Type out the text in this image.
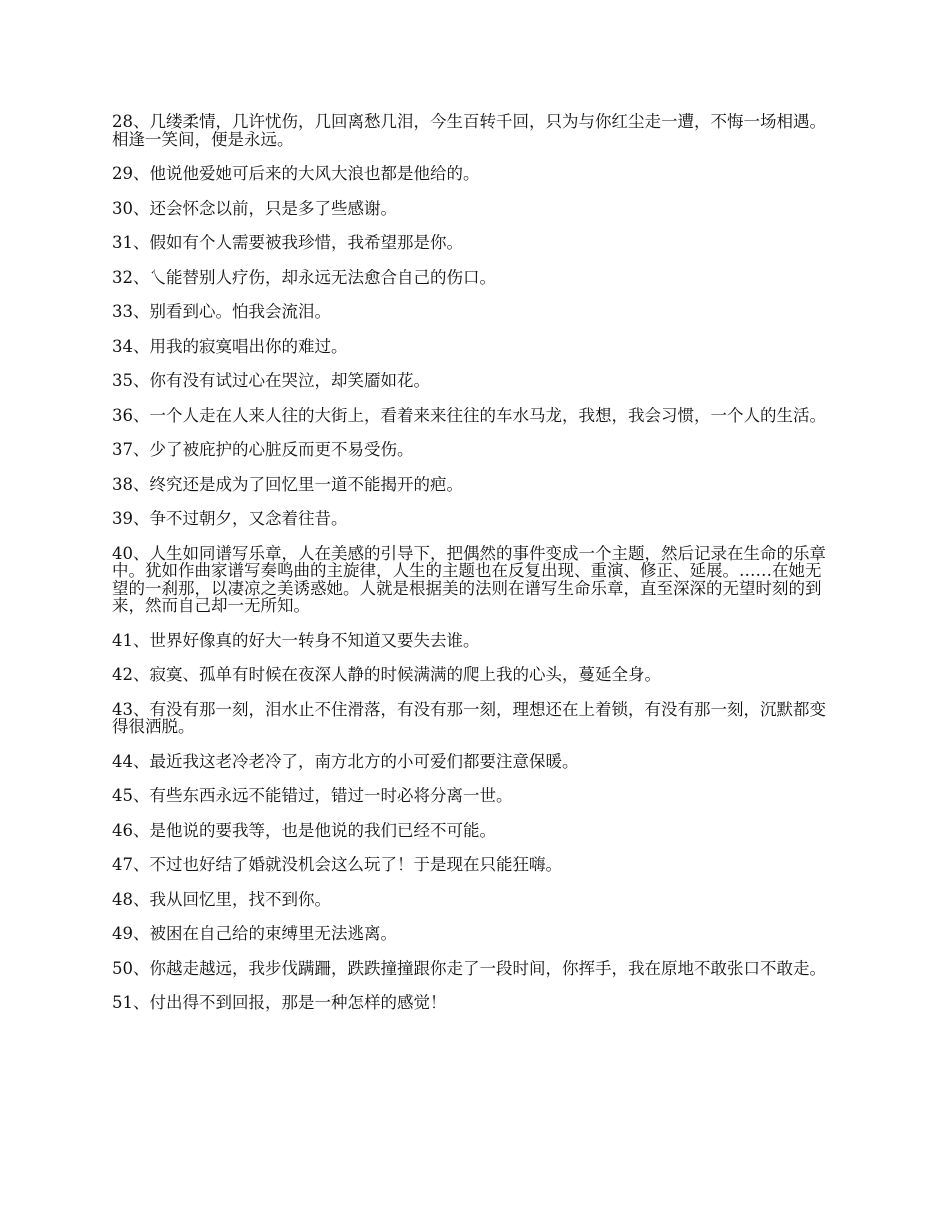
28、几缕柔情，几许忧伤，几回离愁几泪，今生百转千回，只为与你红尘走一遭，不悔一场相遇。相逢一笑间，便是永远。

29、他说他爱她可后来的大风大浪也都是他给的。

30、还会怀念以前，只是多了些感谢。

31、假如有个人需要被我珍惜，我希望那是你。

32、乀能替别人疗伤，却永远无法愈合自己的伤口。

33、别看到心。怕我会流泪。

34、用我的寂寞唱出你的难过。

35、你有没有试过心在哭泣，却笑靥如花。

36、一个人走在人来人往的大街上，看着来来往往的车水马龙，我想，我会习惯，一个人的生活。

37、少了被庇护的心脏反而更不易受伤。

38、终究还是成为了回忆里一道不能揭开的疤。

39、争不过朝夕，又念着往昔。

40、人生如同谱写乐章，人在美感的引导下，把偶然的事件变成一个主题，然后记录在生命的乐章中。犹如作曲家谱写奏鸣曲的主旋律，人生的主题也在反复出现、重演、修正、延展。……在她无望的一刹那，以凄凉之美诱惑她。人就是根据美的法则在谱写生命乐章，直至深深的无望时刻的到来，然而自己却一无所知。

41、世界好像真的好大一转身不知道又要失去谁。

42、寂寞、孤单有时候在夜深人静的时候满满的爬上我的心头，蔓延全身。

43、有没有那一刻，泪水止不住滑落，有没有那一刻，理想还在上着锁，有没有那一刻，沉默都变得很洒脱。

44、最近我这老冷老冷了，南方北方的小可爱们都要注意保暖。

45、有些东西永远不能错过，错过一时必将分离一世。

46、是他说的要我等，也是他说的我们已经不可能。

47、不过也好结了婚就没机会这么玩了！于是现在只能狂嗨。

48、我从回忆里，找不到你。

49、被困在自己给的束缚里无法逃离。

50、你越走越远，我步伐蹒跚，跌跌撞撞跟你走了一段时间，你挥手，我在原地不敢张口不敢走。

51、付出得不到回报，那是一种怎样的感觉！
